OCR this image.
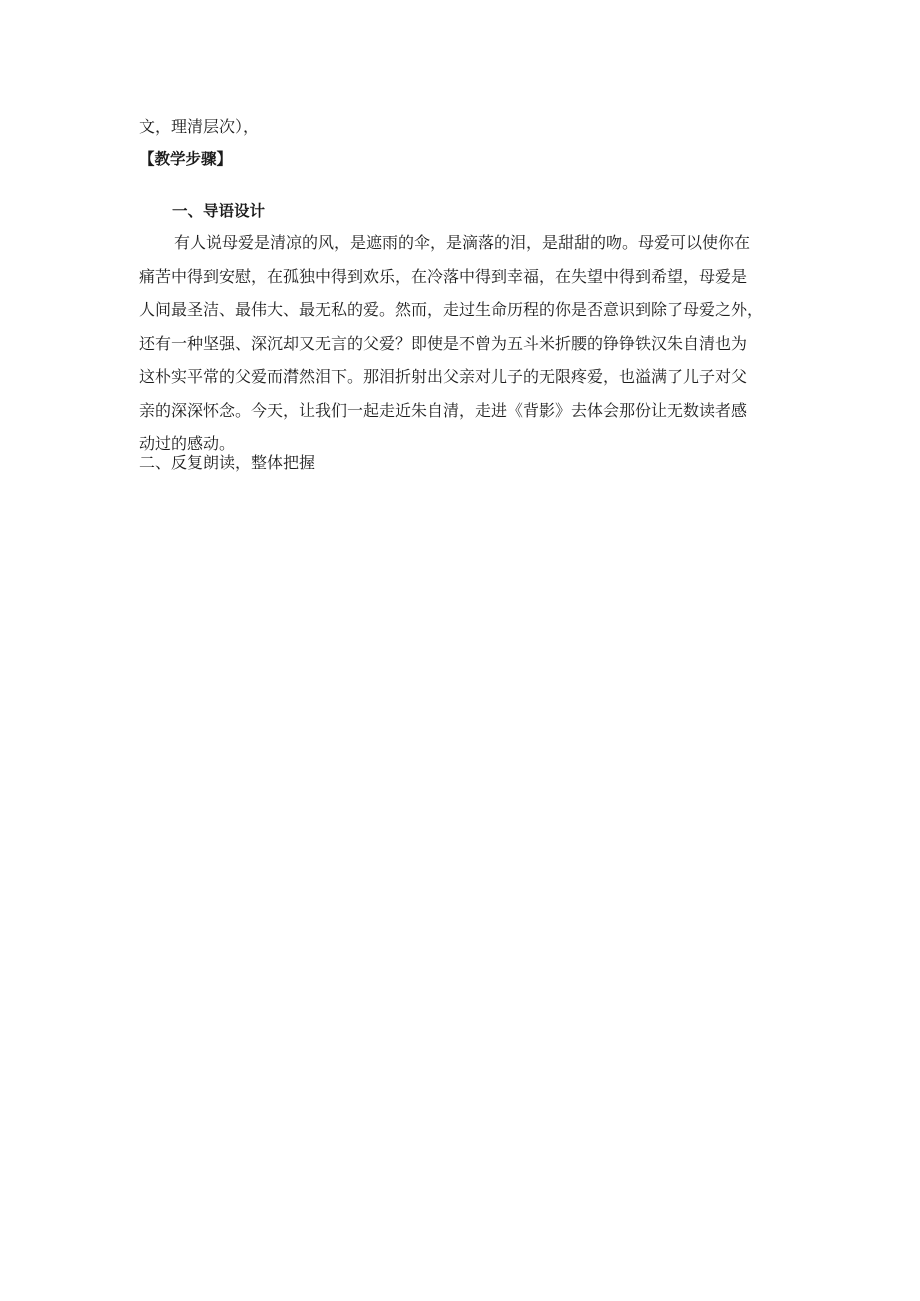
文，理清层次），
【教学步骤】
一、导语设计
有人说母爱是清凉的风，是遮雨的伞，是滴落的泪，是甜甜的吻。母爱可以使你在
痛苦中得到安慰，在孤独中得到欢乐，在冷落中得到幸福，在失望中得到希望，母爱是
人间最圣洁、最伟大、最无私的爱。然而，走过生命历程的你是否意识到除了母爱之外，
还有一种坚强、深沉却又无言的父爱？即使是不曾为五斗米折腰的铮铮铁汉朱自清也为
这朴实平常的父爱而潸然泪下。那泪折射出父亲对儿子的无限疼爱，也溢满了儿子对父
亲的深深怀念。今天，让我们一起走近朱自清，走进《背影》去体会那份让无数读者感
动过的感动。
二、反复朗读，整体把握
